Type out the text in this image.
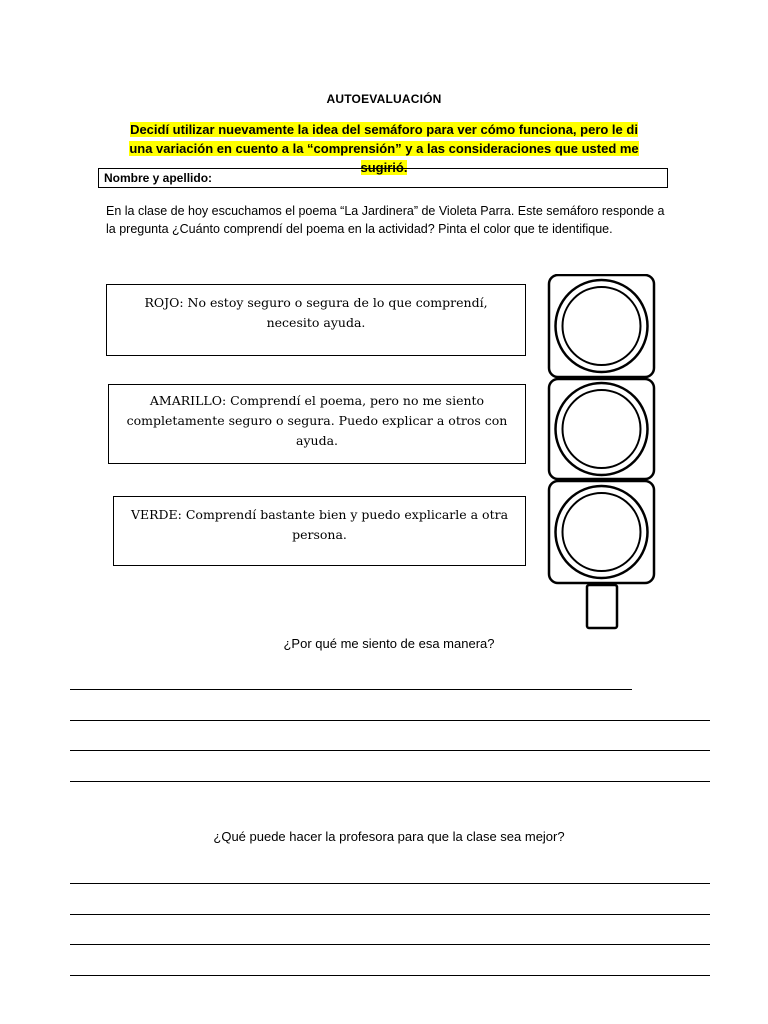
AUTOEVALUACIÓN
Decidí utilizar nuevamente la idea del semáforo para ver cómo funciona, pero le di una variación en cuento a la “comprensión” y a las consideraciones que usted me sugirió.
Nombre y apellido:
En la clase de hoy escuchamos el poema “La Jardinera” de Violeta Parra. Este semáforo responde a la pregunta ¿Cuánto comprendí del poema en la actividad? Pinta el color que te identifique.
ROJO: No estoy seguro o segura de lo que comprendí, necesito ayuda.
AMARILLO: Comprendí el poema, pero no me siento completamente seguro o segura. Puedo explicar a otros con ayuda.
VERDE: Comprendí bastante bien y puedo explicarle a otra persona.
¿Por qué me siento de esa manera?
¿Qué puede hacer la profesora para que la clase sea mejor?
